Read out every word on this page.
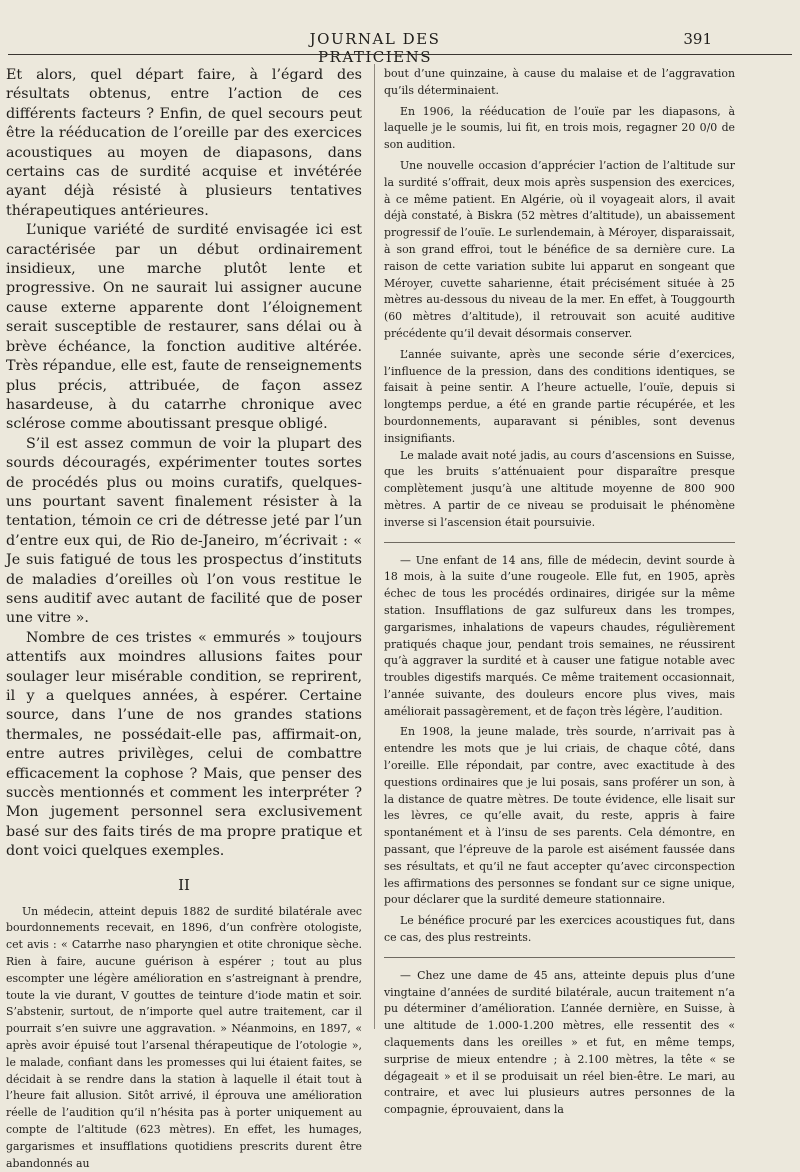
JOURNAL DES PRATICIENS
391

Et alors, quel départ faire, à l’égard des résultats obtenus, entre l’action de ces différents facteurs ? Enfin, de quel secours peut être la rééducation de l’oreille par des exercices acoustiques au moyen de diapasons, dans certains cas de surdité acquise et invétérée ayant déjà résisté à plusieurs tentatives thérapeutiques antérieures.

L’unique variété de surdité envisagée ici est caractérisée par un début ordinairement insidieux, une marche plutôt lente et progressive. On ne saurait lui assigner aucune cause externe apparente dont l’éloignement serait susceptible de restaurer, sans délai ou à brève échéance, la fonction auditive altérée. Très répandue, elle est, faute de renseignements plus précis, attribuée, de façon assez hasardeuse, à du catarrhe chronique avec sclérose comme aboutissant presque obligé.

S’il est assez commun de voir la plupart des sourds découragés, expérimenter toutes sortes de procédés plus ou moins curatifs, quelques-uns pourtant savent finalement résister à la tentation, témoin ce cri de détresse jeté par l’un d’entre eux qui, de Rio de-Janeiro, m’écrivait : « Je suis fatigué de tous les prospectus d’instituts de maladies d’oreilles où l’on vous restitue le sens auditif avec autant de facilité que de poser une vitre ».

Nombre de ces tristes « emmurés » toujours attentifs aux moindres allusions faites pour soulager leur misérable condition, se reprirent, il y a quelques années, à espérer. Certaine source, dans l’une de nos grandes stations thermales, ne possédait-elle pas, affirmait-on, entre autres privilèges, celui de combattre efficacement la cophose ? Mais, que penser des succès mentionnés et comment les interpréter ? Mon jugement personnel sera exclusivement basé sur des faits tirés de ma propre pratique et dont voici quelques exemples.

II

Un médecin, atteint depuis 1882 de surdité bilatérale avec bourdonnements recevait, en 1896, d’un confrère otologiste, cet avis : « Catarrhe naso pharyngien et otite chronique sèche. Rien à faire, aucune guérison à espérer ; tout au plus escompter une légère amélioration en s’astreignant à prendre, toute la vie durant, V gouttes de teinture d’iode matin et soir. S’abstenir, surtout, de n’importe quel autre traitement, car il pourrait s’en suivre une aggravation. » Néanmoins, en 1897, « après avoir épuisé tout l’arsenal thérapeutique de l’otologie », le malade, confiant dans les promesses qui lui étaient faites, se décidait à se rendre dans la station à laquelle il était tout à l’heure fait allusion. Sitôt arrivé, il éprouva une amélioration réelle de l’audition qu’il n’hésita pas à porter uniquement au compte de l’altitude (623 mètres). En effet, les humages, gargarismes et insufflations quotidiens prescrits durent être abandonnés au

bout d’une quinzaine, à cause du malaise et de l’aggravation qu’ils déterminaient.

En 1906, la rééducation de l’ouïe par les diapasons, à laquelle je le soumis, lui fit, en trois mois, regagner 20 0/0 de son audition.

Une nouvelle occasion d’apprécier l’action de l’altitude sur la surdité s’offrait, deux mois après suspension des exercices, à ce même patient. En Algérie, où il voyageait alors, il avait déjà constaté, à Biskra (52 mètres d’altitude), un abaissement progressif de l’ouïe. Le surlendemain, à Méroyer, disparaissait, à son grand effroi, tout le bénéfice de sa dernière cure. La raison de cette variation subite lui apparut en songeant que Méroyer, cuvette saharienne, était précisément située à 25 mètres au-dessous du niveau de la mer. En effet, à Touggourth (60 mètres d’altitude), il retrouvait son acuité auditive précédente qu’il devait désormais conserver.

L’année suivante, après une seconde série d’exercices, l’influence de la pression, dans des conditions identiques, se faisait à peine sentir. A l’heure actuelle, l’ouïe, depuis si longtemps perdue, a été en grande partie récupérée, et les bourdonnements, auparavant si pénibles, sont devenus insignifiants.

Le malade avait noté jadis, au cours d’ascensions en Suisse, que les bruits s’atténuaient pour disparaître presque complètement jusqu’à une altitude moyenne de 800 900 mètres. A partir de ce niveau se produisait le phénomène inverse si l’ascension était poursuivie.

— Une enfant de 14 ans, fille de médecin, devint sourde à 18 mois, à la suite d’une rougeole. Elle fut, en 1905, après échec de tous les procédés ordinaires, dirigée sur la même station. Insufflations de gaz sulfureux dans les trompes, gargarismes, inhalations de vapeurs chaudes, régulièrement pratiqués chaque jour, pendant trois semaines, ne réussirent qu’à aggraver la surdité et à causer une fatigue notable avec troubles digestifs marqués. Ce même traitement occasionnait, l’année suivante, des douleurs encore plus vives, mais améliorait passagèrement, et de façon très légère, l’audition.

En 1908, la jeune malade, très sourde, n’arrivait pas à entendre les mots que je lui criais, de chaque côté, dans l’oreille. Elle répondait, par contre, avec exactitude à des questions ordinaires que je lui posais, sans proférer un son, à la distance de quatre mètres. De toute évidence, elle lisait sur les lèvres, ce qu’elle avait, du reste, appris à faire spontanément et à l’insu de ses parents. Cela démontre, en passant, que l’épreuve de la parole est aisément faussée dans ses résultats, et qu’il ne faut accepter qu’avec circonspection les affirmations des personnes se fondant sur ce signe unique, pour déclarer que la surdité demeure stationnaire.

Le bénéfice procuré par les exercices acoustiques fut, dans ce cas, des plus restreints.

— Chez une dame de 45 ans, atteinte depuis plus d’une vingtaine d’années de surdité bilatérale, aucun traitement n’a pu déterminer d’amélioration. L’année dernière, en Suisse, à une altitude de 1.000-1.200 mètres, elle ressentit des « claquements dans les oreilles » et fut, en même temps, surprise de mieux entendre ; à 2.100 mètres, la tête « se dégageait » et il se produisait un réel bien-être. Le mari, au contraire, et avec lui plusieurs autres personnes de la compagnie, éprouvaient, dans la
